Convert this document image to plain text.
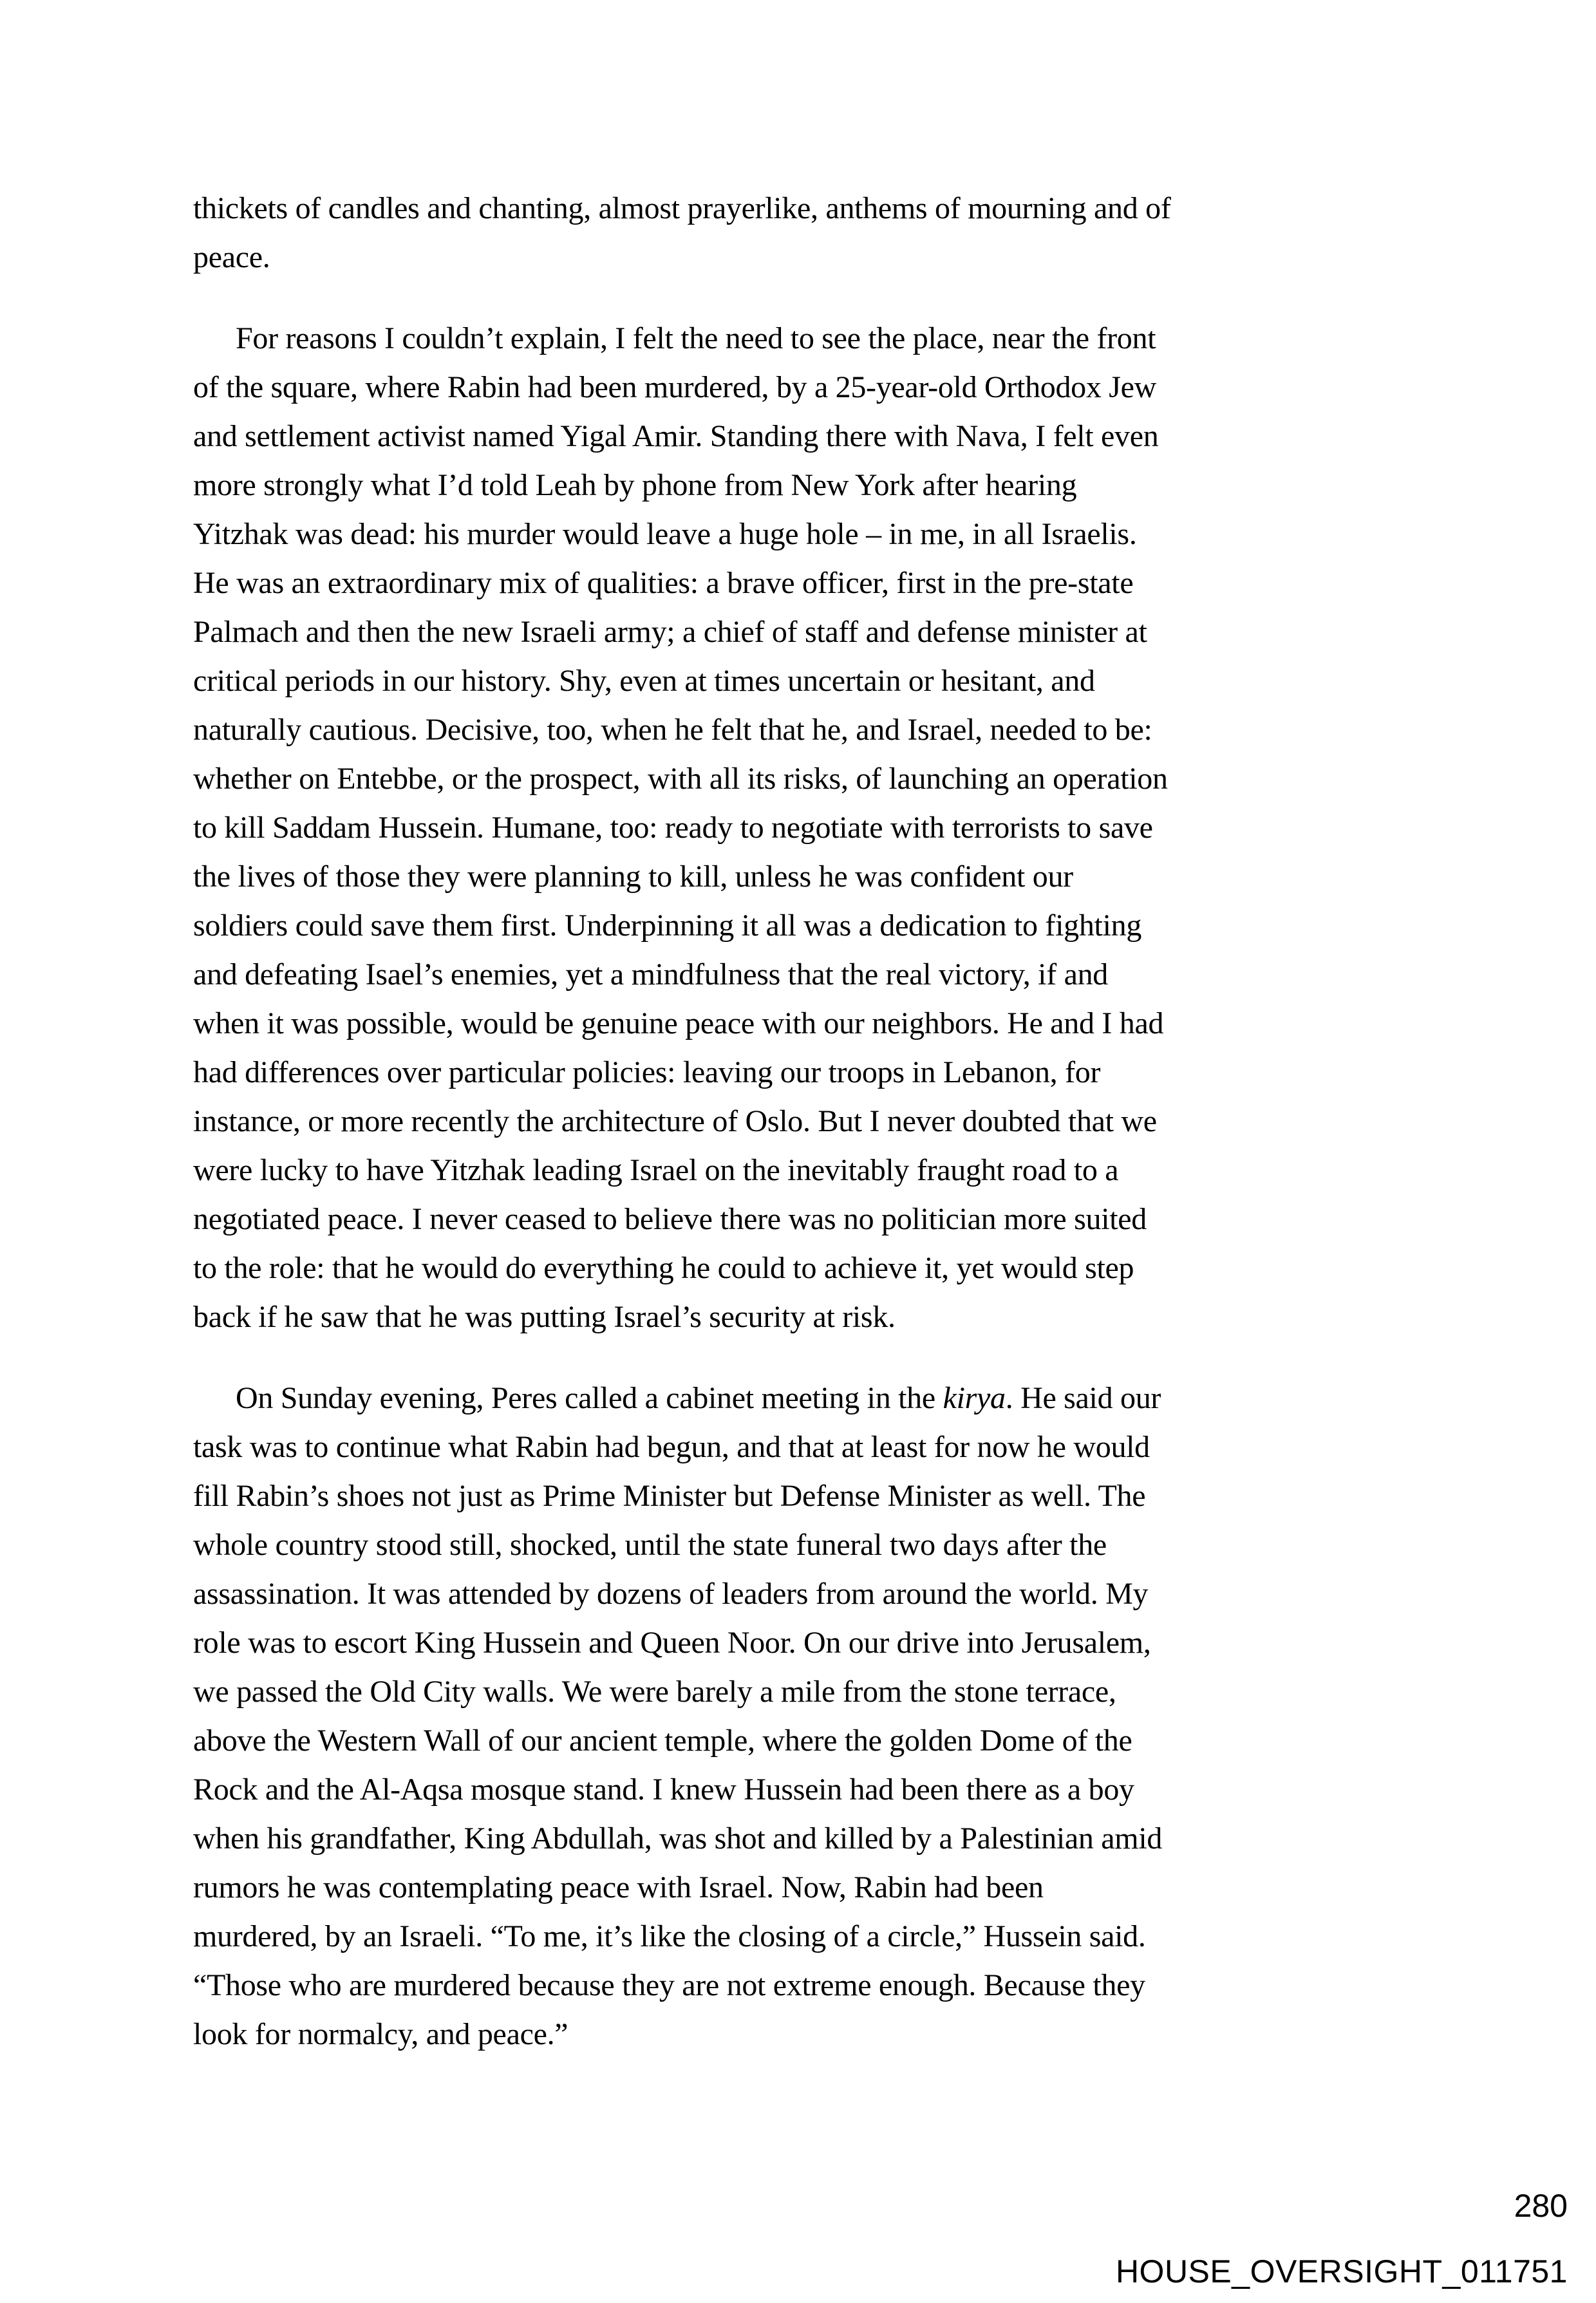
thickets of candles and chanting, almost prayerlike, anthems of mourning and of
peace.
For reasons I couldn’t explain, I felt the need to see the place, near the front
of the square, where Rabin had been murdered, by a 25-year-old Orthodox Jew
and settlement activist named Yigal Amir. Standing there with Nava, I felt even
more strongly what I’d told Leah by phone from New York after hearing
Yitzhak was dead: his murder would leave a huge hole – in me, in all Israelis.
He was an extraordinary mix of qualities: a brave officer, first in the pre-state
Palmach and then the new Israeli army; a chief of staff and defense minister at
critical periods in our history. Shy, even at times uncertain or hesitant, and
naturally cautious. Decisive, too, when he felt that he, and Israel, needed to be:
whether on Entebbe, or the prospect, with all its risks, of launching an operation
to kill Saddam Hussein. Humane, too: ready to negotiate with terrorists to save
the lives of those they were planning to kill, unless he was confident our
soldiers could save them first. Underpinning it all was a dedication to fighting
and defeating Isael’s enemies, yet a mindfulness that the real victory, if and
when it was possible, would be genuine peace with our neighbors. He and I had
had differences over particular policies: leaving our troops in Lebanon, for
instance, or more recently the architecture of Oslo. But I never doubted that we
were lucky to have Yitzhak leading Israel on the inevitably fraught road to a
negotiated peace. I never ceased to believe there was no politician more suited
to the role: that he would do everything he could to achieve it, yet would step
back if he saw that he was putting Israel’s security at risk.
On Sunday evening, Peres called a cabinet meeting in the kirya. He said our
task was to continue what Rabin had begun, and that at least for now he would
fill Rabin’s shoes not just as Prime Minister but Defense Minister as well. The
whole country stood still, shocked, until the state funeral two days after the
assassination. It was attended by dozens of leaders from around the world. My
role was to escort King Hussein and Queen Noor. On our drive into Jerusalem,
we passed the Old City walls. We were barely a mile from the stone terrace,
above the Western Wall of our ancient temple, where the golden Dome of the
Rock and the Al-Aqsa mosque stand. I knew Hussein had been there as a boy
when his grandfather, King Abdullah, was shot and killed by a Palestinian amid
rumors he was contemplating peace with Israel. Now, Rabin had been
murdered, by an Israeli. “To me, it’s like the closing of a circle,” Hussein said.
“Those who are murdered because they are not extreme enough. Because they
look for normalcy, and peace.”
280
HOUSE_OVERSIGHT_011751
